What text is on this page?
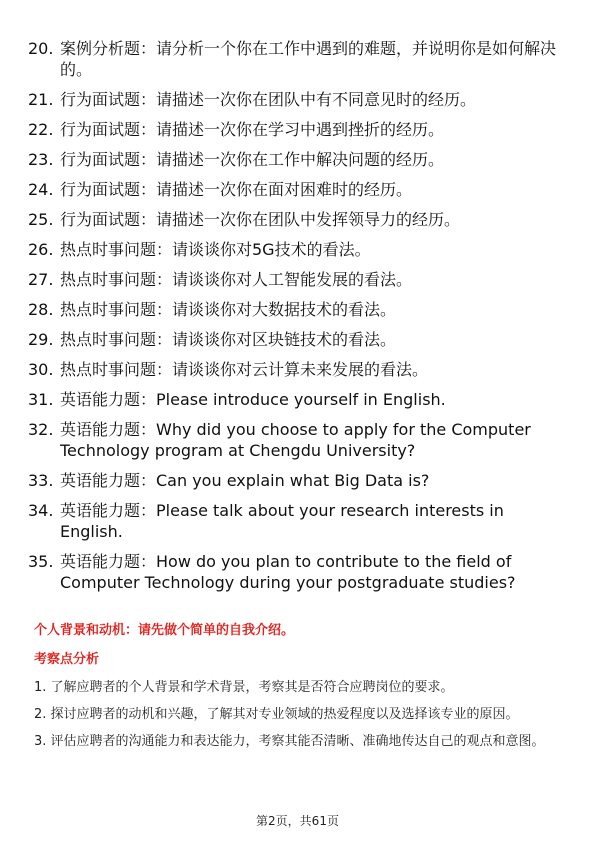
20. 案例分析题：请分析一个你在工作中遇到的难题，并说明你是如何解决的。
21. 行为面试题：请描述一次你在团队中有不同意见时的经历。
22. 行为面试题：请描述一次你在学习中遇到挫折的经历。
23. 行为面试题：请描述一次你在工作中解决问题的经历。
24. 行为面试题：请描述一次你在面对困难时的经历。
25. 行为面试题：请描述一次你在团队中发挥领导力的经历。
26. 热点时事问题：请谈谈你对5G技术的看法。
27. 热点时事问题：请谈谈你对人工智能发展的看法。
28. 热点时事问题：请谈谈你对大数据技术的看法。
29. 热点时事问题：请谈谈你对区块链技术的看法。
30. 热点时事问题：请谈谈你对云计算未来发展的看法。
31. 英语能力题：Please introduce yourself in English.
32. 英语能力题：Why did you choose to apply for the Computer Technology program at Chengdu University?
33. 英语能力题：Can you explain what Big Data is?
34. 英语能力题：Please talk about your research interests in English.
35. 英语能力题：How do you plan to contribute to the field of Computer Technology during your postgraduate studies?
个人背景和动机：请先做个简单的自我介绍。
考察点分析
1. 了解应聘者的个人背景和学术背景，考察其是否符合应聘岗位的要求。
2. 探讨应聘者的动机和兴趣，了解其对专业领域的热爱程度以及选择该专业的原因。
3. 评估应聘者的沟通能力和表达能力，考察其能否清晰、准确地传达自己的观点和意图。
第2页，共61页
